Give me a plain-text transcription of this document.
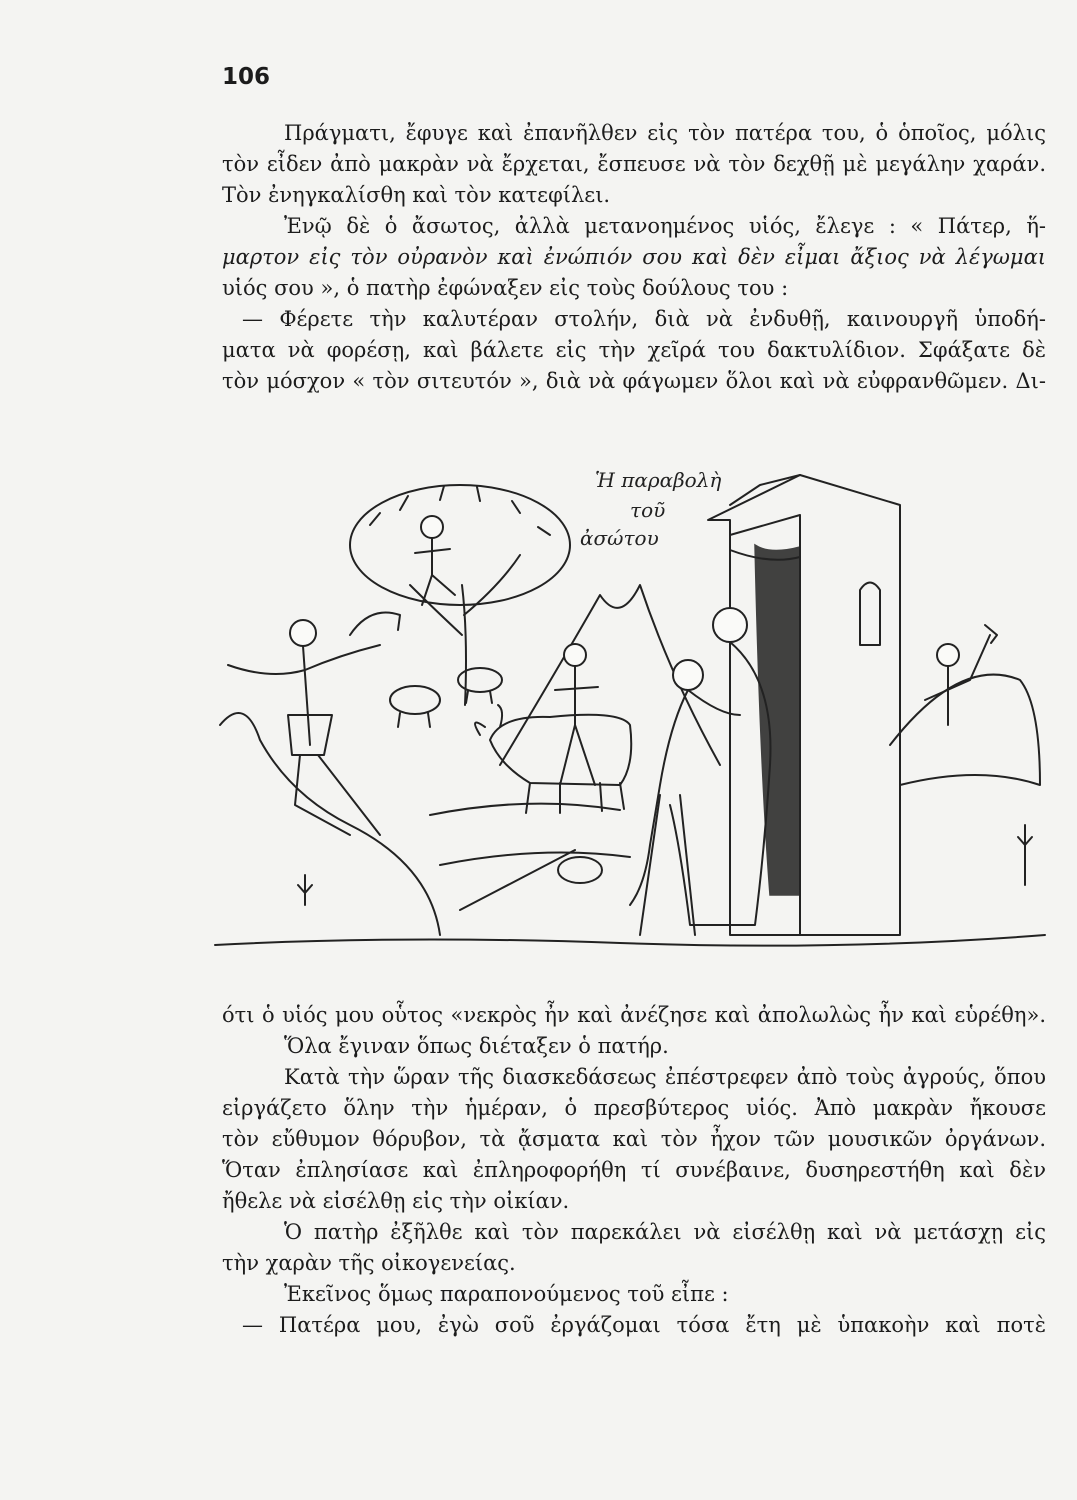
106
Πράγματι, ἔφυγε καὶ ἐπανῆλθεν εἰς τὸν πατέρα του, ὁ ὁποῖος, μόλις
τὸν εἶδεν ἀπὸ μακρὰν νὰ ἔρχεται, ἔσπευσε νὰ τὸν δεχθῇ μὲ μεγάλην χαράν.
Τὸν ἐνηγκαλίσθη καὶ τὸν κατεφίλει.
Ἐνῷ δὲ ὁ ἄσωτος, ἀλλὰ μετανοημένος υἱός, ἔλεγε : « Πάτερ, ἥ-
μαρτον εἰς τὸν οὐρανὸν καὶ ἐνώπιόν σου καὶ δὲν εἶμαι ἄξιος νὰ λέγωμαι
υἱός σου », ὁ πατὴρ ἐφώναξεν εἰς τοὺς δούλους του :
— Φέρετε τὴν καλυτέραν στολήν, διὰ νὰ ἐνδυθῇ, καινουργῆ ὑποδή-
ματα νὰ φορέσῃ, καὶ βάλετε εἰς τὴν χεῖρά του δακτυλίδιον. Σφάξατε δὲ
τὸν μόσχον « τὸν σιτευτόν », διὰ νὰ φάγωμεν ὅλοι καὶ νὰ εὐφρανθῶμεν. Δι-
Ἡ παραβολὴ
τοῦ
ἀσώτου
ότι ὁ υἱός μου οὗτος «νεκρὸς ἦν καὶ ἀνέζησε καὶ ἀπολωλὼς ἦν καὶ εὑρέθη».
Ὅλα ἔγιναν ὅπως διέταξεν ὁ πατήρ.
Κατὰ τὴν ὥραν τῆς διασκεδάσεως ἐπέστρεφεν ἀπὸ τοὺς ἀγρούς, ὅπου
εἰργάζετο ὅλην τὴν ἡμέραν, ὁ πρεσβύτερος υἱός. Ἀπὸ μακρὰν ἤκουσε
τὸν εὔθυμον θόρυβον, τὰ ᾄσματα καὶ τὸν ἦχον τῶν μουσικῶν ὀργάνων.
Ὅταν ἐπλησίασε καὶ ἐπληροφορήθη τί συνέβαινε, δυσηρεστήθη καὶ δὲν
ἤθελε νὰ εἰσέλθῃ εἰς τὴν οἰκίαν.
Ὁ πατὴρ ἐξῆλθε καὶ τὸν παρεκάλει νὰ εἰσέλθῃ καὶ νὰ μετάσχῃ εἰς
τὴν χαρὰν τῆς οἰκογενείας.
Ἐκεῖνος ὅμως παραπονούμενος τοῦ εἶπε :
— Πατέρα μου, ἐγὼ σοῦ ἐργάζομαι τόσα ἔτη μὲ ὑπακοὴν καὶ ποτὲ
